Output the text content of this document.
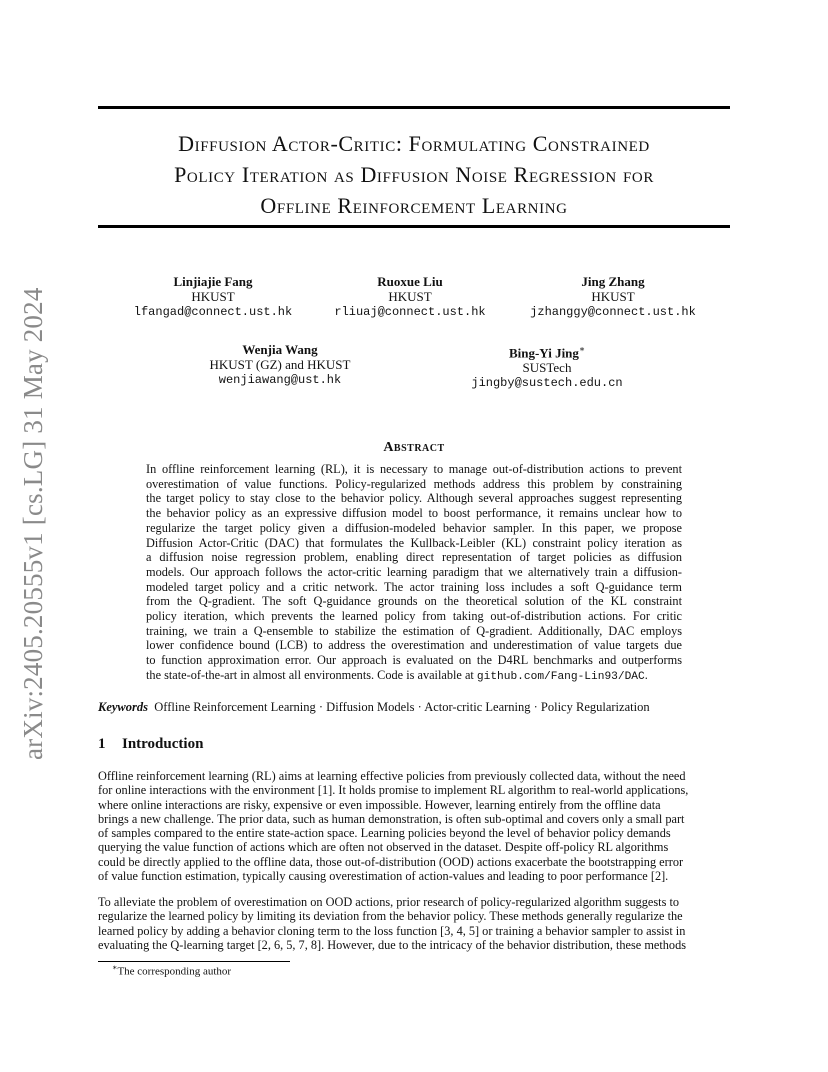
arXiv:2405.20555v1 [cs.LG] 31 May 2024
Diffusion Actor-Critic: Formulating Constrained
Policy Iteration as Diffusion Noise Regression for
Offline Reinforcement Learning
Linjiajie Fang
HKUST
lfangad@connect.ust.hk
Ruoxue Liu
HKUST
rliuaj@connect.ust.hk
Jing Zhang
HKUST
jzhanggy@connect.ust.hk
Wenjia Wang
HKUST (GZ) and HKUST
wenjiawang@ust.hk
Bing-Yi Jing∗
SUSTech
jingby@sustech.edu.cn
Abstract
In offline reinforcement learning (RL), it is necessary to manage out-of-distribution actions to prevent
overestimation of value functions. Policy-regularized methods address this problem by constraining
the target policy to stay close to the behavior policy. Although several approaches suggest representing
the behavior policy as an expressive diffusion model to boost performance, it remains unclear how to
regularize the target policy given a diffusion-modeled behavior sampler. In this paper, we propose
Diffusion Actor-Critic (DAC) that formulates the Kullback-Leibler (KL) constraint policy iteration as
a diffusion noise regression problem, enabling direct representation of target policies as diffusion
models. Our approach follows the actor-critic learning paradigm that we alternatively train a diffusion-
modeled target policy and a critic network. The actor training loss includes a soft Q-guidance term
from the Q-gradient. The soft Q-guidance grounds on the theoretical solution of the KL constraint
policy iteration, which prevents the learned policy from taking out-of-distribution actions. For critic
training, we train a Q-ensemble to stabilize the estimation of Q-gradient. Additionally, DAC employs
lower confidence bound (LCB) to address the overestimation and underestimation of value targets due
to function approximation error. Our approach is evaluated on the D4RL benchmarks and outperforms
the state-of-the-art in almost all environments. Code is available at github.com/Fang-Lin93/DAC.
Keywords Offline Reinforcement Learning · Diffusion Models · Actor-critic Learning · Policy Regularization
1 Introduction
Offline reinforcement learning (RL) aims at learning effective policies from previously collected data, without the need
for online interactions with the environment [1]. It holds promise to implement RL algorithm to real-world applications,
where online interactions are risky, expensive or even impossible. However, learning entirely from the offline data
brings a new challenge. The prior data, such as human demonstration, is often sub-optimal and covers only a small part
of samples compared to the entire state-action space. Learning policies beyond the level of behavior policy demands
querying the value function of actions which are often not observed in the dataset. Despite off-policy RL algorithms
could be directly applied to the offline data, those out-of-distribution (OOD) actions exacerbate the bootstrapping error
of value function estimation, typically causing overestimation of action-values and leading to poor performance [2].
To alleviate the problem of overestimation on OOD actions, prior research of policy-regularized algorithm suggests to
regularize the learned policy by limiting its deviation from the behavior policy. These methods generally regularize the
learned policy by adding a behavior cloning term to the loss function [3, 4, 5] or training a behavior sampler to assist in
evaluating the Q-learning target [2, 6, 5, 7, 8]. However, due to the intricacy of the behavior distribution, these methods
∗The corresponding author
